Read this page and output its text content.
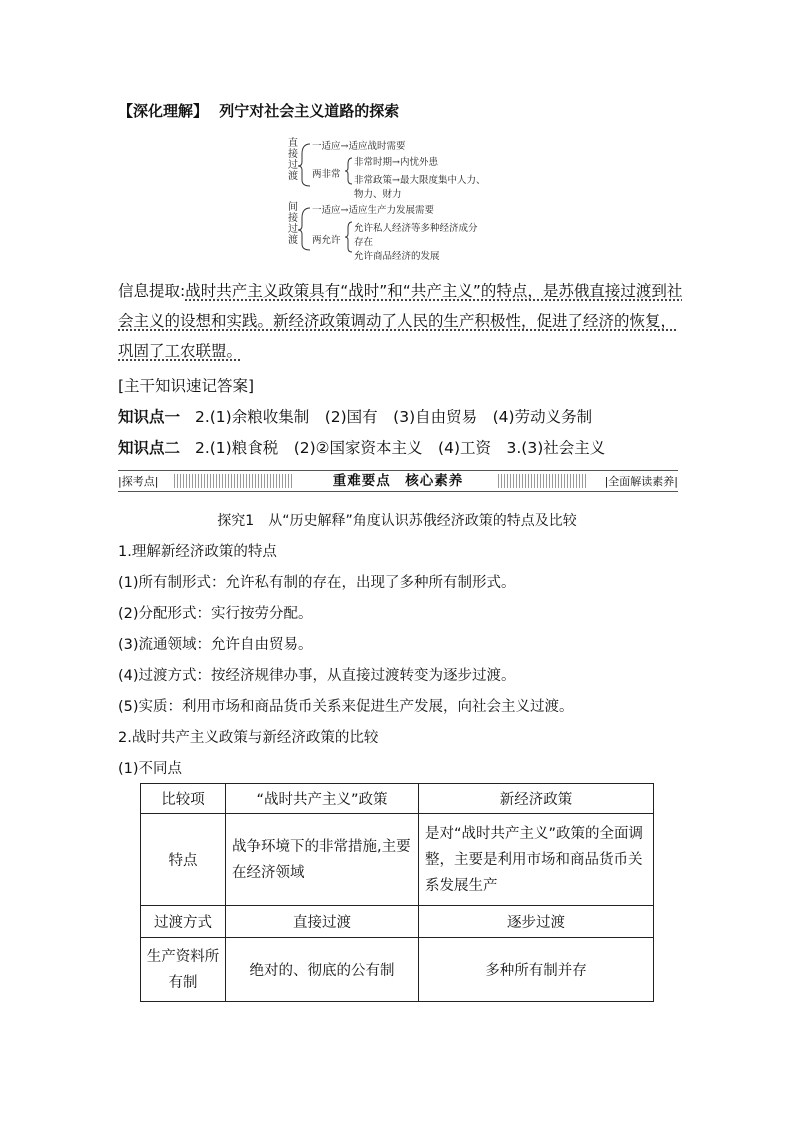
【深化理解】 列宁对社会主义道路的探索
直接过渡
一适应→适应战时需要
两非常
非常时期→内忧外患
非常政策→最大限度集中人力、
物力、财力
间接过渡
一适应→适应生产力发展需要
两允许
允许私人经济等多种经济成分
存在
允许商品经济的发展
信息提取:战时共产主义政策具有“战时”和“共产主义”的特点，是苏俄直接过渡到社会主义的设想和实践。新经济政策调动了人民的生产积极性，促进了经济的恢复，巩固了工农联盟。
[主干知识速记答案]
知识点一 2.(1)余粮收集制　(2)国有　(3)自由贸易　(4)劳动义务制
知识点二 2.(1)粮食税　(2)②国家资本主义　(4)工资　3.(3)社会主义
|探考点|	重难要点　核心素养	|全面解读素养|
探究1　从“历史解释”角度认识苏俄经济政策的特点及比较
1.理解新经济政策的特点
(1)所有制形式：允许私有制的存在，出现了多种所有制形式。
(2)分配形式：实行按劳分配。
(3)流通领域：允许自由贸易。
(4)过渡方式：按经济规律办事，从直接过渡转变为逐步过渡。
(5)实质：利用市场和商品货币关系来促进生产发展，向社会主义过渡。
2.战时共产主义政策与新经济政策的比较
(1)不同点
比较项	“战时共产主义”政策	新经济政策
特点	战争环境下的非常措施,主要在经济领域	是对“战时共产主义”政策的全面调整，主要是利用市场和商品货币关系发展生产
过渡方式	直接过渡	逐步过渡
生产资料所有制	绝对的、彻底的公有制	多种所有制并存
